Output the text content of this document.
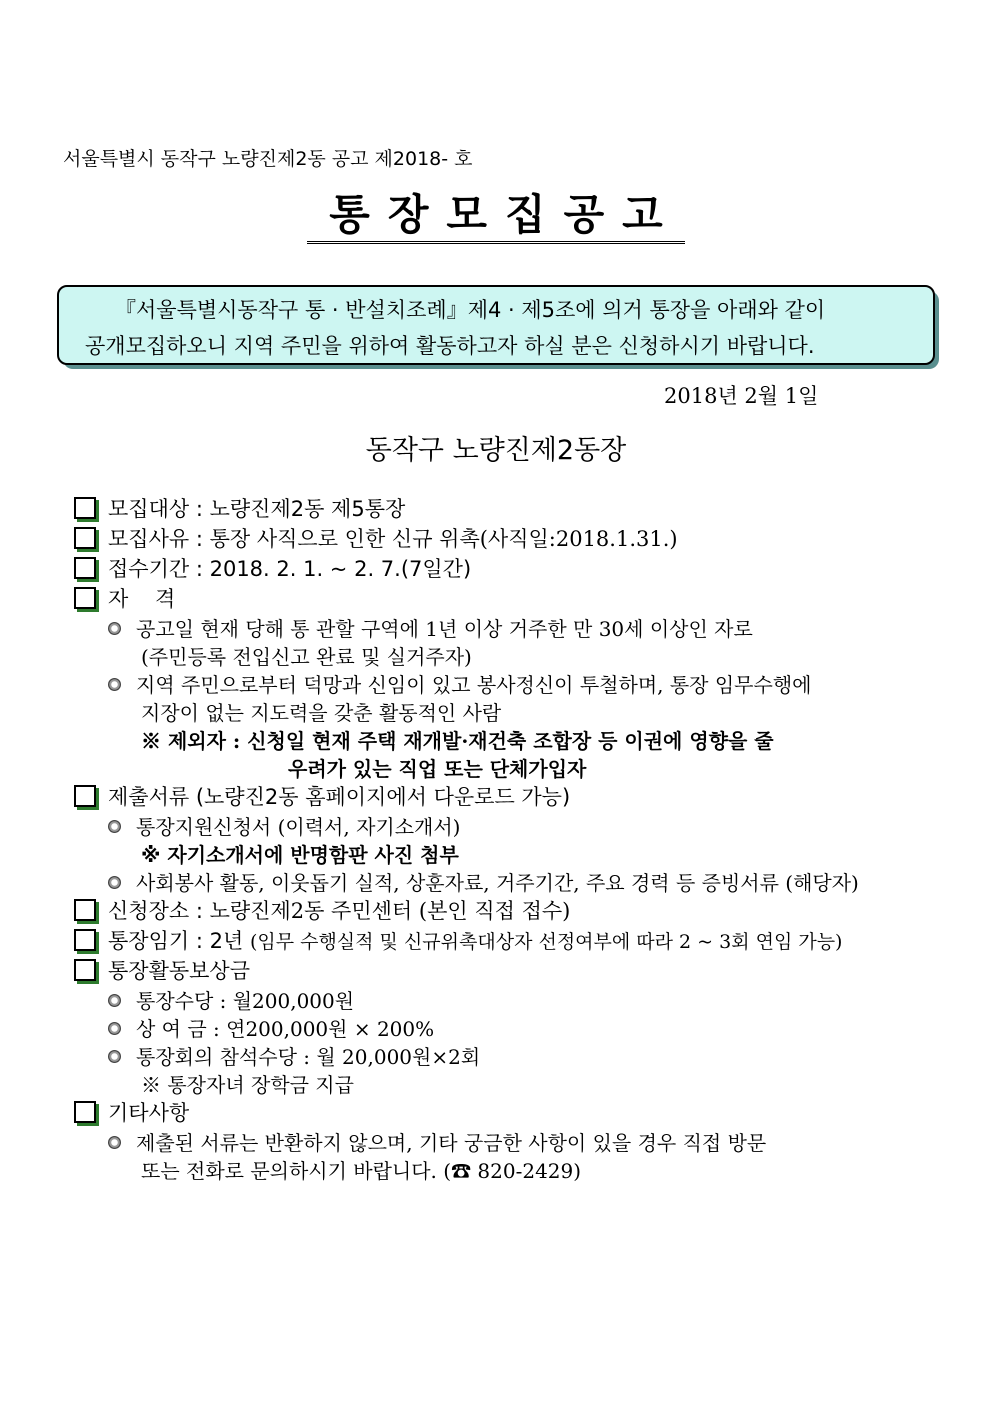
서울특별시 동작구 노량진제2동 공고 제2018- 호
통장모집공고
『서울특별시동작구 통 · 반설치조례』제4 · 제5조에 의거 통장을 아래와 같이
공개모집하오니 지역 주민을 위하여 활동하고자 하실 분은 신청하시기 바랍니다.
2018년 2월 1일
동작구 노량진제2동장
모집대상 : 노량진제2동 제5통장
모집사유 : 통장 사직으로 인한 신규 위촉(사직일:2018.1.31.)
접수기간 : 2018. 2. 1. ~ 2. 7.(7일간)
자    격
공고일 현재 당해 통 관할 구역에 1년 이상 거주한 만 30세 이상인 자로
(주민등록 전입신고 완료 및 실거주자)
지역 주민으로부터 덕망과 신임이 있고 봉사정신이 투철하며, 통장 임무수행에
지장이 없는 지도력을 갖춘 활동적인 사람
※ 제외자 : 신청일 현재 주택 재개발·재건축 조합장 등 이권에 영향을 줄
우려가 있는 직업 또는 단체가입자
제출서류 (노량진2동 홈페이지에서 다운로드 가능)
통장지원신청서 (이력서, 자기소개서)
※ 자기소개서에 반명함판 사진 첨부
사회봉사 활동, 이웃돕기 실적, 상훈자료, 거주기간, 주요 경력 등 증빙서류 (해당자)
신청장소 : 노량진제2동 주민센터 (본인 직접 접수)
통장임기 : 2년 (임무 수행실적 및 신규위촉대상자 선정여부에 따라 2 ~ 3회 연임 가능)
통장활동보상금
통장수당 : 월200,000원
상 여 금 : 연200,000원 × 200%
통장회의 참석수당 : 월 20,000원×2회
※ 통장자녀 장학금 지급
기타사항
제출된 서류는 반환하지 않으며, 기타 궁금한 사항이 있을 경우 직접 방문
또는 전화로 문의하시기 바랍니다. (☎ 820-2429)
